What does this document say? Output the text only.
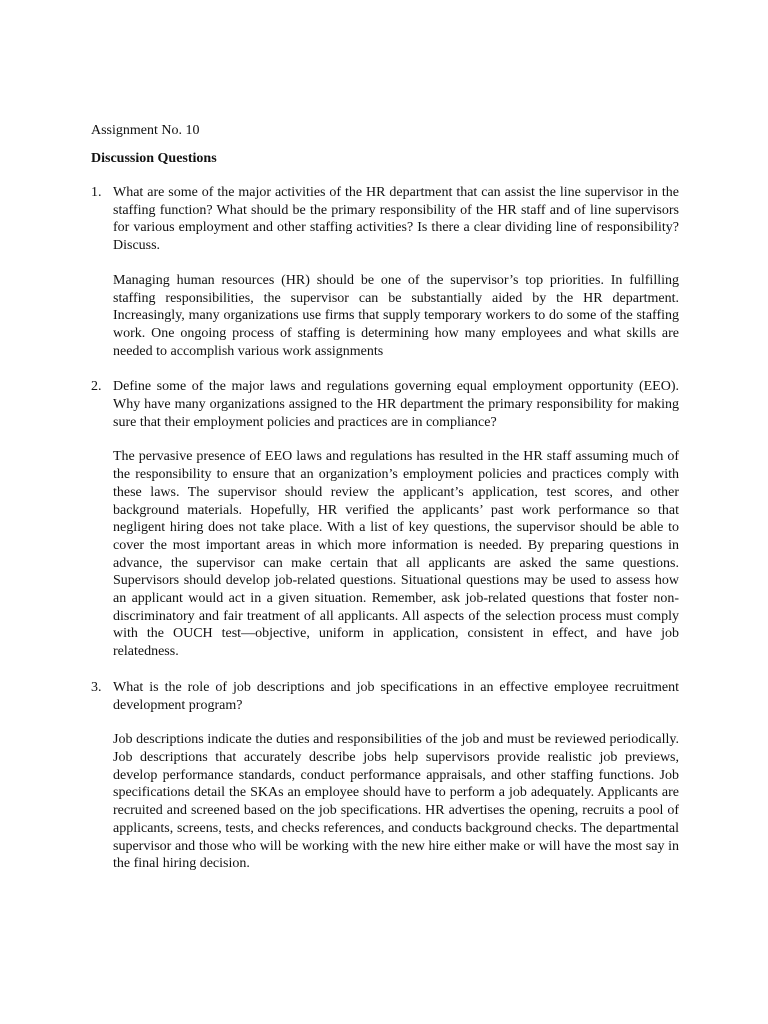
Assignment No. 10

Discussion Questions

1. What are some of the major activities of the HR department that can assist the line supervisor in the staffing function? What should be the primary responsibility of the HR staff and of line supervisors for various employment and other staffing activities? Is there a clear dividing line of responsibility? Discuss.

Managing human resources (HR) should be one of the supervisor’s top priorities. In fulfilling staffing responsibilities, the supervisor can be substantially aided by the HR department. Increasingly, many organizations use firms that supply temporary workers to do some of the staffing work. One ongoing process of staffing is determining how many employees and what skills are needed to accomplish various work assignments

2. Define some of the major laws and regulations governing equal employment opportunity (EEO). Why have many organizations assigned to the HR department the primary responsibility for making sure that their employment policies and practices are in compliance?

The pervasive presence of EEO laws and regulations has resulted in the HR staff assuming much of the responsibility to ensure that an organization’s employment policies and practices comply with these laws. The supervisor should review the applicant’s application, test scores, and other background materials. Hopefully, HR verified the applicants’ past work performance so that negligent hiring does not take place. With a list of key questions, the supervisor should be able to cover the most important areas in which more information is needed. By preparing questions in advance, the supervisor can make certain that all applicants are asked the same questions. Supervisors should develop job-related questions. Situational questions may be used to assess how an applicant would act in a given situation. Remember, ask job-related questions that foster non-discriminatory and fair treatment of all applicants. All aspects of the selection process must comply with the OUCH test—objective, uniform in application, consistent in effect, and have job relatedness.

3. What is the role of job descriptions and job specifications in an effective employee recruitment development program?

Job descriptions indicate the duties and responsibilities of the job and must be reviewed periodically. Job descriptions that accurately describe jobs help supervisors provide realistic job previews, develop performance standards, conduct performance appraisals, and other staffing functions. Job specifications detail the SKAs an employee should have to perform a job adequately. Applicants are recruited and screened based on the job specifications. HR advertises the opening, recruits a pool of applicants, screens, tests, and checks references, and conducts background checks. The departmental supervisor and those who will be working with the new hire either make or will have the most say in the final hiring decision.
